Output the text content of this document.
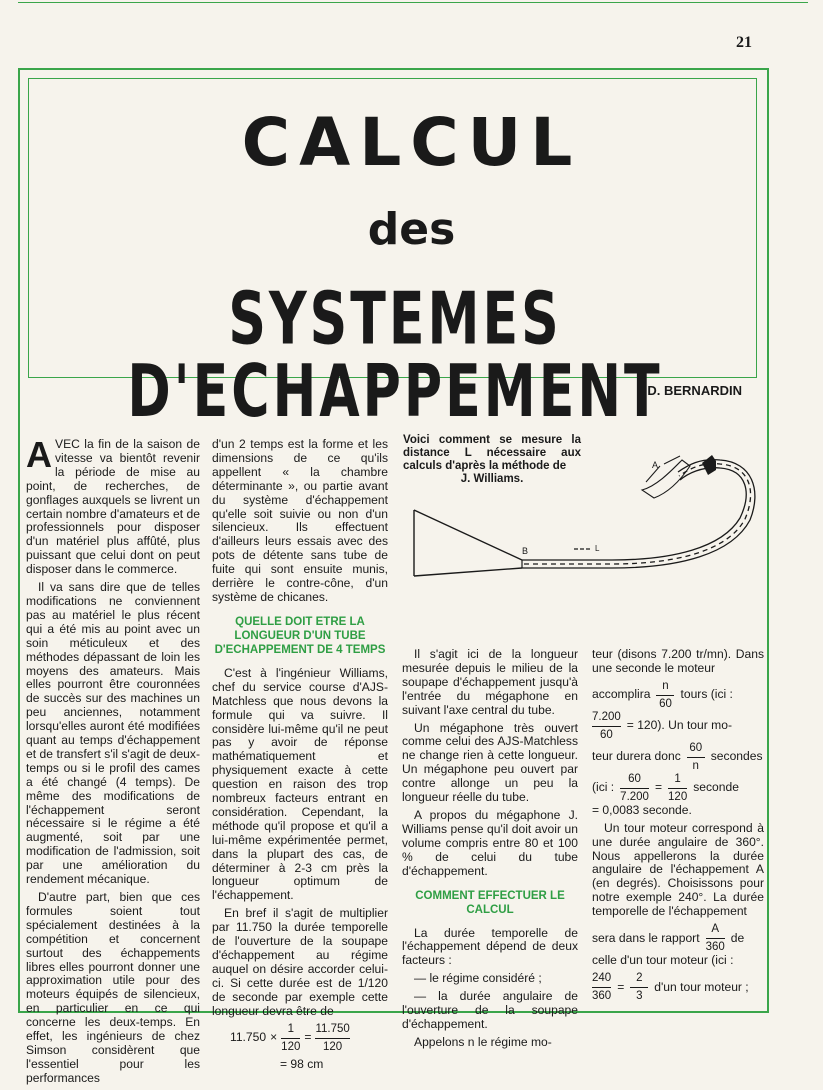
21
CALCUL
des
SYSTEMES D'ECHAPPEMENT
D. BERNARDIN

AVEC la fin de la saison de vitesse va bientôt revenir la période de mise au point, de recherches, de gonflages auxquels se livrent un certain nombre d'amateurs et de professionnels pour disposer d'un matériel plus affûté, plus puissant que celui dont on peut disposer dans le commerce.

Il va sans dire que de telles modifications ne conviennent pas au matériel le plus récent qui a été mis au point avec un soin méticuleux et des méthodes dépassant de loin les moyens des amateurs. Mais elles pourront être couronnées de succès sur des machines un peu anciennes, notamment lorsqu'elles auront été modifiées quant au temps d'échappement et de transfert s'il s'agit de deux-temps ou si le profil des cames a été changé (4 temps). De même des modifications de l'échappement seront nécessaire si le régime a été augmenté, soit par une modification de l'admission, soit par une amélioration du rendement mécanique.

D'autre part, bien que ces formules soient tout spécialement destinées à la compétition et concernent surtout des échappements libres elles pourront donner une approximation utile pour des moteurs équipés de silencieux, en particulier en ce qui concerne les deux-temps. En effet, les ingénieurs de chez Simson considèrent que l'essentiel pour les performances

d'un 2 temps est la forme et les dimensions de ce qu'ils appellent « la chambre déterminante », ou partie avant du système d'échappement qu'elle soit suivie ou non d'un silencieux. Ils effectuent d'ailleurs leurs essais avec des pots de détente sans tube de fuite qui sont ensuite munis, derrière le contre-cône, d'un système de chicanes.

QUELLE DOIT ETRE LA LONGUEUR D'UN TUBE D'ECHAPPEMENT DE 4 TEMPS

C'est à l'ingénieur Williams, chef du service course d'AJS-Matchless que nous devons la formule qui va suivre. Il considère lui-même qu'il ne peut pas y avoir de réponse mathématiquement et physiquement exacte à cette question en raison des trop nombreux facteurs entrant en considération. Cependant, la méthode qu'il propose et qu'il a lui-même expérimentée permet, dans la plupart des cas, de déterminer à 2-3 cm près la longueur optimum de l'échappement.

En bref il s'agit de multiplier par 11.750 la durée temporelle de l'ouverture de la soupape d'échappement au régime auquel on désire accorder celui-ci. Si cette durée est de 1/120 de seconde par exemple cette longueur devra être de

$11.750 \times \frac{1}{120} = \frac{11.750}{120}$
= 98 cm
Voici comment se mesure la distance L nécessaire aux calculs d'après la méthode de
J. Williams.
B
A
L

Il s'agit ici de la longueur mesurée depuis le milieu de la soupape d'échappement jusqu'à l'entrée du mégaphone en suivant l'axe central du tube.

Un mégaphone très ouvert comme celui des AJS-Matchless ne change rien à cette longueur. Un mégaphone peu ouvert par contre allonge un peu la longueur réelle du tube.

A propos du mégaphone J. Williams pense qu'il doit avoir un volume compris entre 80 et 100 % de celui du tube d'échappement.

COMMENT EFFECTUER LE CALCUL

La durée temporelle de l'échappement dépend de deux facteurs :

— le régime considéré ;

— la durée angulaire de l'ouverture de la soupape d'échappement.

Appelons n le régime mo-

teur (disons 7.200 tr/mn). Dans une seconde le moteur

accomplira $\frac{n}{60}$ tours (ici :
$\frac{7.200}{60} = 120$). Un tour mo-
teur durera donc $\frac{60}{n}$ secondes
(ici : $\frac{60}{7.200} = \frac{1}{120}$ seconde

= 0,0083 seconde.

Un tour moteur correspond à une durée angulaire de 360°. Nous appellerons la durée angulaire de l'échappement A (en degrés). Choisissons pour notre exemple 240°. La durée temporelle de l'échappement

sera dans le rapport $\frac{A}{360}$ de

celle d'un tour moteur (ici :

$\frac{240}{360} = \frac{2}{3} d'un$ tour moteur ;
